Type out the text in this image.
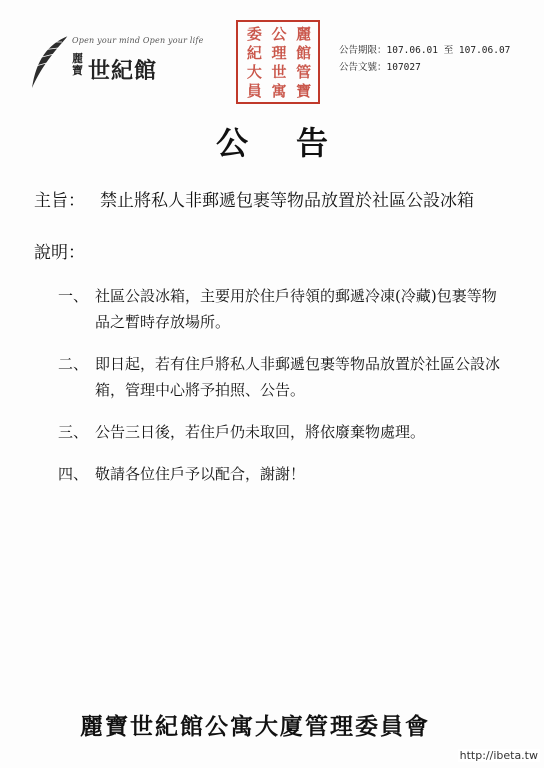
Open your mind Open your life
麗寶 世紀館
委 公 麗
紀 理 館
大 世 管
員 寓 寶
公告期限：107.06.01 至 107.06.07
公告文號：107027
公告
主旨： 禁止將私人非郵遞包裹等物品放置於社區公設冰箱
說明：
一、 社區公設冰箱，主要用於住戶待領的郵遞冷凍(冷藏)包裹等物品之暫時存放場所。
二、 即日起，若有住戶將私人非郵遞包裹等物品放置於社區公設冰箱，管理中心將予拍照、公告。
三、 公告三日後，若住戶仍未取回，將依廢棄物處理。
四、 敬請各位住戶予以配合，謝謝！
麗寶世紀館公寓大廈管理委員會
http://ibeta.tw
